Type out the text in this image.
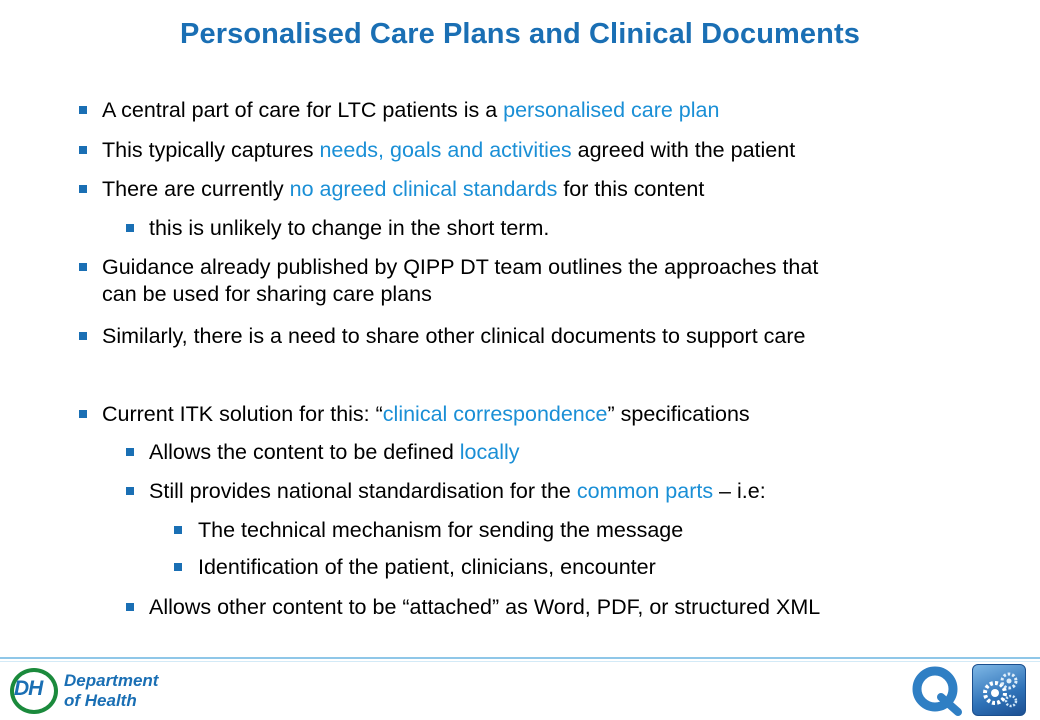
Personalised Care Plans and Clinical Documents
A central part of care for LTC patients is a personalised care plan
This typically captures needs, goals and activities agreed with the patient
There are currently no agreed clinical standards for this content
this is unlikely to change in the short term.
Guidance already published by QIPP DT team outlines the approaches that
can be used for sharing care plans
Similarly, there is a need to share other clinical documents to support care
Current ITK solution for this: “clinical correspondence” specifications
Allows the content to be defined locally
Still provides national standardisation for the common parts – i.e:
The technical mechanism for sending the message
Identification of the patient, clinicians, encounter
Allows other content to be “attached” as Word, PDF, or structured XML
DH Department
of Health
